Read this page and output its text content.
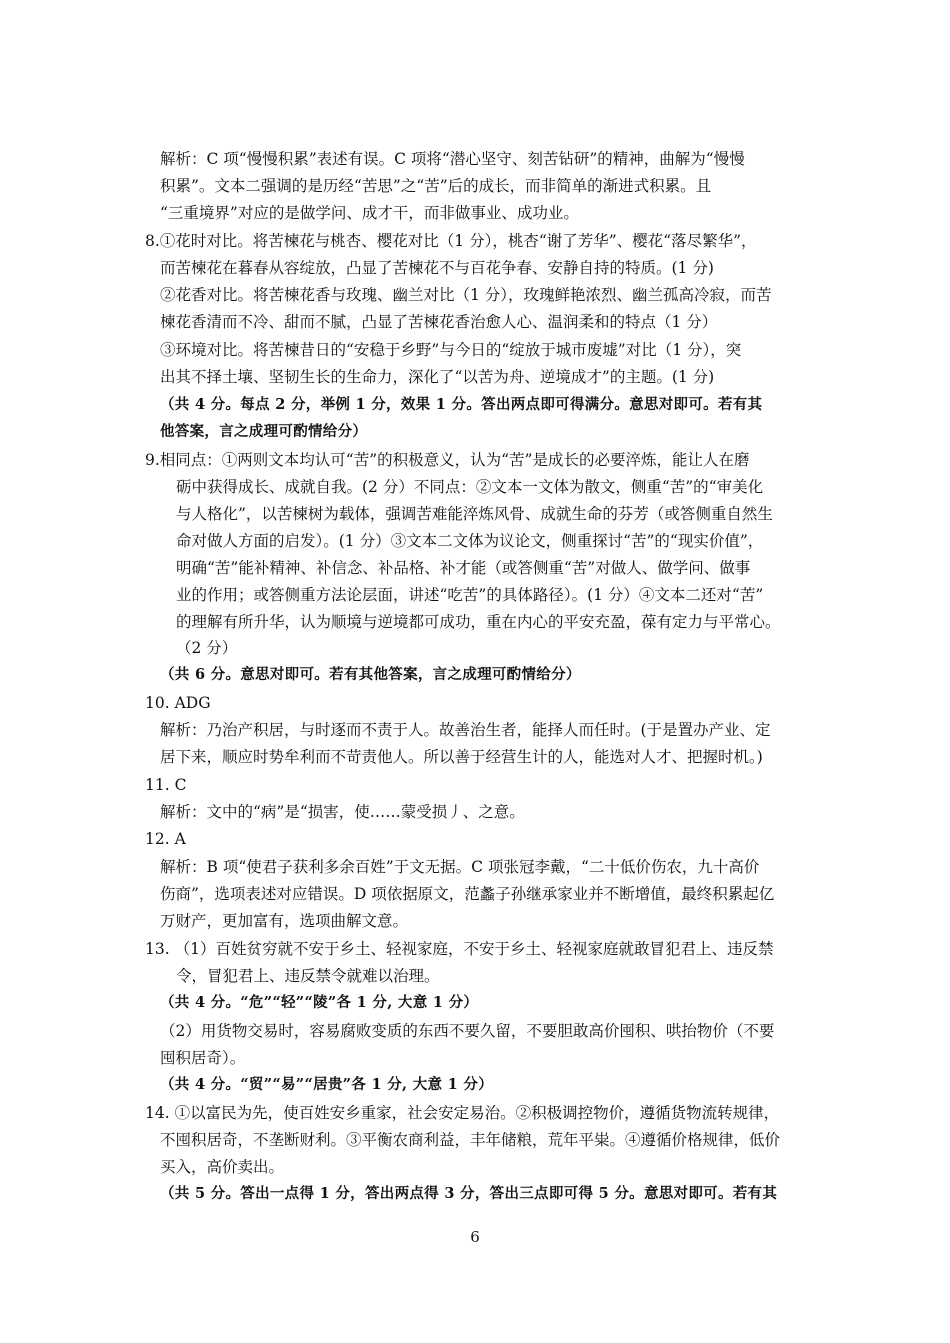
解析：C 项“慢慢积累”表述有误。C 项将“潜心坚守、刻苦钻研”的精神，曲解为“慢慢
积累”。文本二强调的是历经“苦思”之“苦”后的成长，而非简单的渐进式积累。且
“三重境界”对应的是做学问、成才干，而非做事业、成功业。
8.①花时对比。将苦楝花与桃杏、樱花对比（1 分），桃杏“谢了芳华”、樱花“落尽繁华”，
而苦楝花在暮春从容绽放，凸显了苦楝花不与百花争春、安静自持的特质。(1 分)
②花香对比。将苦楝花香与玫瑰、幽兰对比（1 分），玫瑰鲜艳浓烈、幽兰孤高冷寂，而苦
楝花香清而不冷、甜而不腻，凸显了苦楝花香治愈人心、温润柔和的特点（1 分）
③环境对比。将苦楝昔日的“安稳于乡野”与今日的“绽放于城市废墟”对比（1 分），突
出其不择土壤、坚韧生长的生命力，深化了“以苦为舟、逆境成才”的主题。(1 分)
（共 4 分。每点 2 分，举例 1 分，效果 1 分。答出两点即可得满分。意思对即可。若有其
他答案，言之成理可酌情给分）
9.相同点：①两则文本均认可“苦”的积极意义，认为“苦”是成长的必要淬炼，能让人在磨
砺中获得成长、成就自我。(2 分）不同点：②文本一文体为散文，侧重“苦”的“审美化
与人格化”，以苦楝树为载体，强调苦难能淬炼风骨、成就生命的芬芳（或答侧重自然生
命对做人方面的启发）。(1 分）③文本二文体为议论文，侧重探讨“苦”的“现实价值”，
明确“苦”能补精神、补信念、补品格、补才能（或答侧重“苦”对做人、做学问、做事
业的作用；或答侧重方法论层面，讲述“吃苦”的具体路径）。(1 分）④文本二还对“苦”
的理解有所升华，认为顺境与逆境都可成功，重在内心的平安充盈，葆有定力与平常心。
（2 分）
（共 6 分。意思对即可。若有其他答案，言之成理可酌情给分）
10. ADG
解析：乃治产积居，与时逐而不责于人。故善治生者，能择人而任时。(于是置办产业、定
居下来，顺应时势牟利而不苛责他人。所以善于经营生计的人，能选对人才、把握时机。)
11. C
解析：文中的“病”是“损害，使……蒙受损丿、之意。
12. A
解析：B 项“使君子获利多余百姓”于文无据。C 项张冠李戴，“二十低价伤农，九十高价
伤商”，选项表述对应错误。D 项依据原文，范蠡子孙继承家业并不断增值，最终积累起亿
万财产，更加富有，选项曲解文意。
13. （1）百姓贫穷就不安于乡土、轻视家庭，不安于乡土、轻视家庭就敢冒犯君上、违反禁
令，冒犯君上、违反禁令就难以治理。
（共 4 分。“危”“轻”“陵”各 1 分, 大意 1 分）
（2）用货物交易时，容易腐败变质的东西不要久留，不要胆敢高价囤积、哄抬物价（不要
囤积居奇）。
（共 4 分。“贸”“易”“居贵”各 1 分, 大意 1 分）
14. ①以富民为先，使百姓安乡重家，社会安定易治。②积极调控物价，遵循货物流转规律，
不囤积居奇，不垄断财利。③平衡农商利益，丰年储粮，荒年平粜。④遵循价格规律，低价
买入，高价卖出。
（共 5 分。答出一点得 1 分，答出两点得 3 分，答出三点即可得 5 分。意思对即可。若有其
6
